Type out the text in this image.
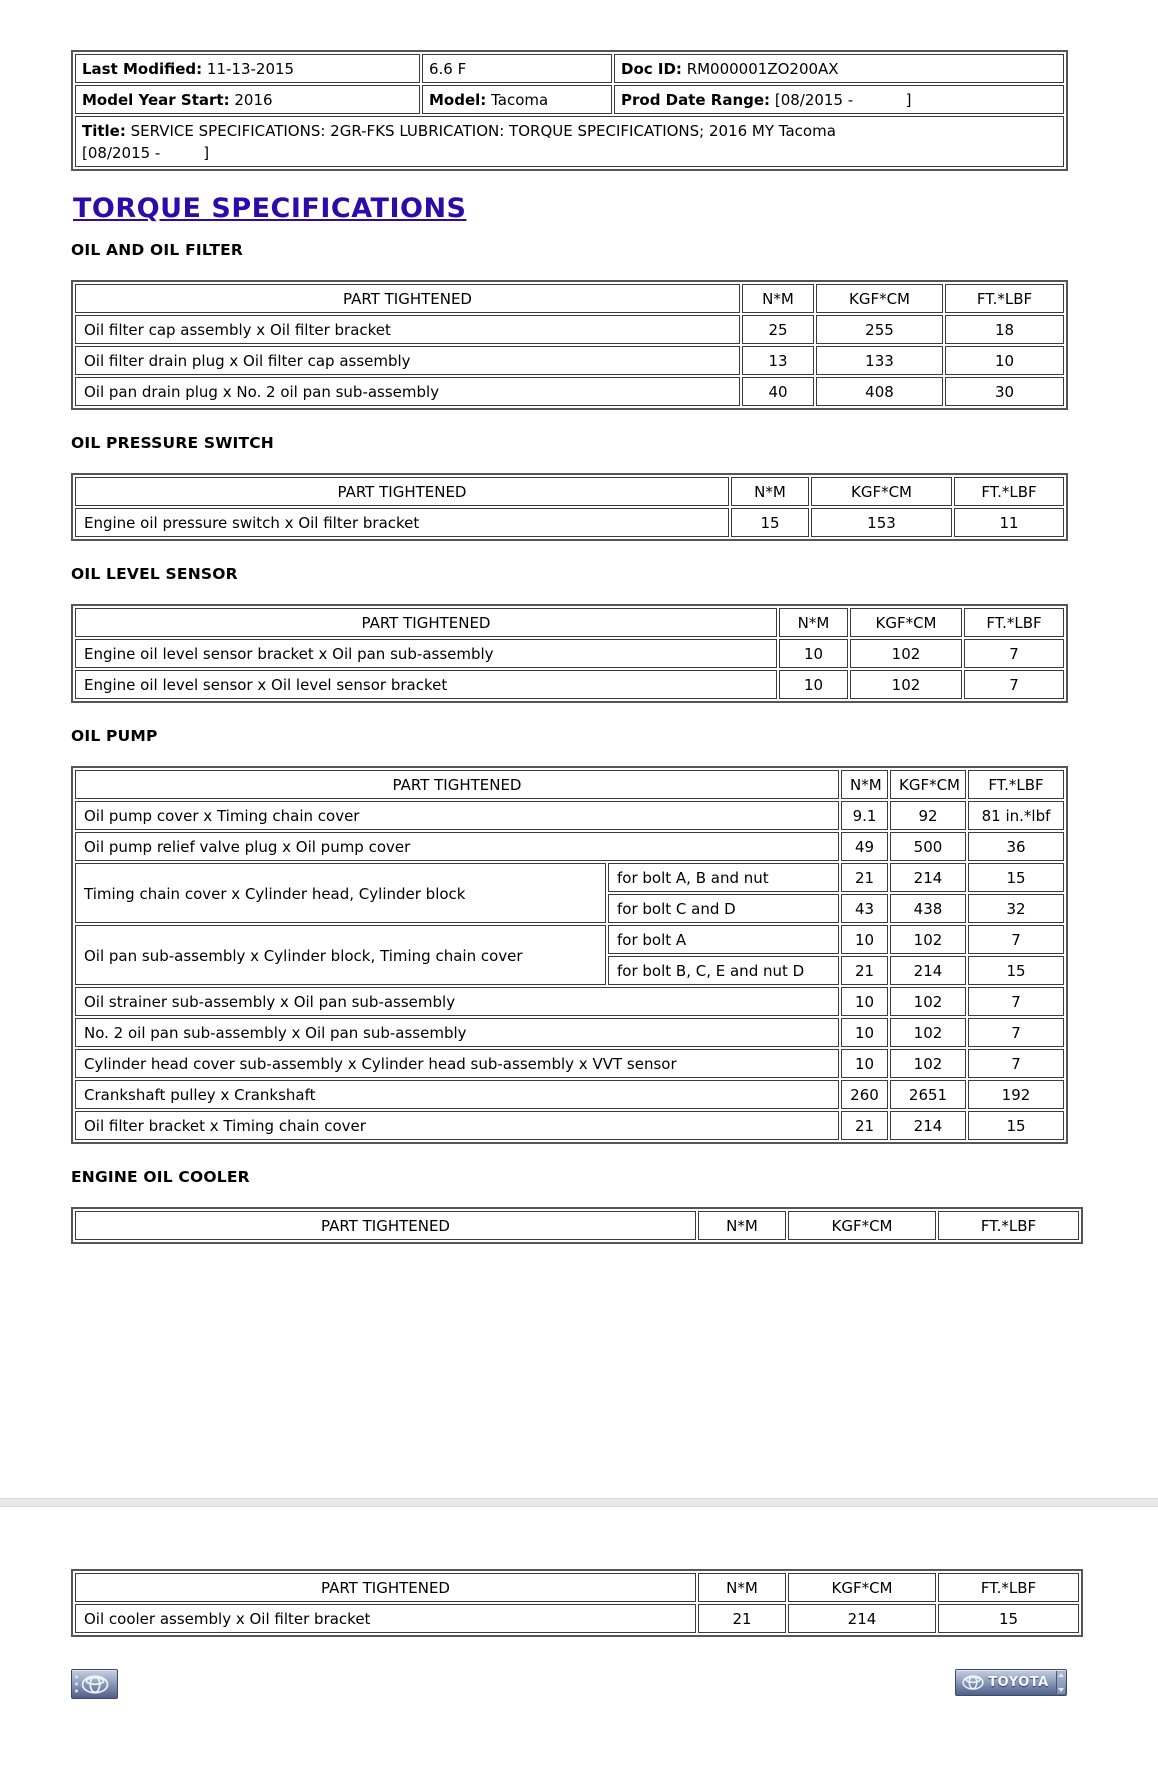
Last Modified: 11-13-2015	6.6 F	Doc ID: RM000001ZO200AX
Model Year Start: 2016	Model: Tacoma	Prod Date Range: [08/2015 -           ]
Title: SERVICE SPECIFICATIONS: 2GR-FKS LUBRICATION: TORQUE SPECIFICATIONS; 2016 MY Tacoma
[08/2015 -         ]		
TORQUE SPECIFICATIONS
OIL AND OIL FILTER
PART TIGHTENED	N*M	KGF*CM	FT.*LBF
Oil filter cap assembly x Oil filter bracket	25	255	18
Oil filter drain plug x Oil filter cap assembly	13	133	10
Oil pan drain plug x No. 2 oil pan sub-assembly	40	408	30
OIL PRESSURE SWITCH
PART TIGHTENED	N*M	KGF*CM	FT.*LBF
Engine oil pressure switch x Oil filter bracket	15	153	11
OIL LEVEL SENSOR
PART TIGHTENED	N*M	KGF*CM	FT.*LBF
Engine oil level sensor bracket x Oil pan sub-assembly	10	102	7
Engine oil level sensor x Oil level sensor bracket	10	102	7
OIL PUMP
PART TIGHTENED		N*M	KGF*CM	FT.*LBF
Oil pump cover x Timing chain cover		9.1	92	81 in.*lbf
Oil pump relief valve plug x Oil pump cover		49	500	36
Timing chain cover x Cylinder head, Cylinder block	for bolt A, B and nut	21	214	15
	for bolt C and D	43	438	32
Oil pan sub-assembly x Cylinder block, Timing chain cover	for bolt A	10	102	7
	for bolt B, C, E and nut D	21	214	15
Oil strainer sub-assembly x Oil pan sub-assembly		10	102	7
No. 2 oil pan sub-assembly x Oil pan sub-assembly		10	102	7
Cylinder head cover sub-assembly x Cylinder head sub-assembly x VVT sensor		10	102	7
Crankshaft pulley x Crankshaft		260	2651	192
Oil filter bracket x Timing chain cover		21	214	15
ENGINE OIL COOLER
PART TIGHTENED	N*M	KGF*CM	FT.*LBF
PART TIGHTENED	N*M	KGF*CM	FT.*LBF
Oil cooler assembly x Oil filter bracket	21	214	15
TOYOTA
